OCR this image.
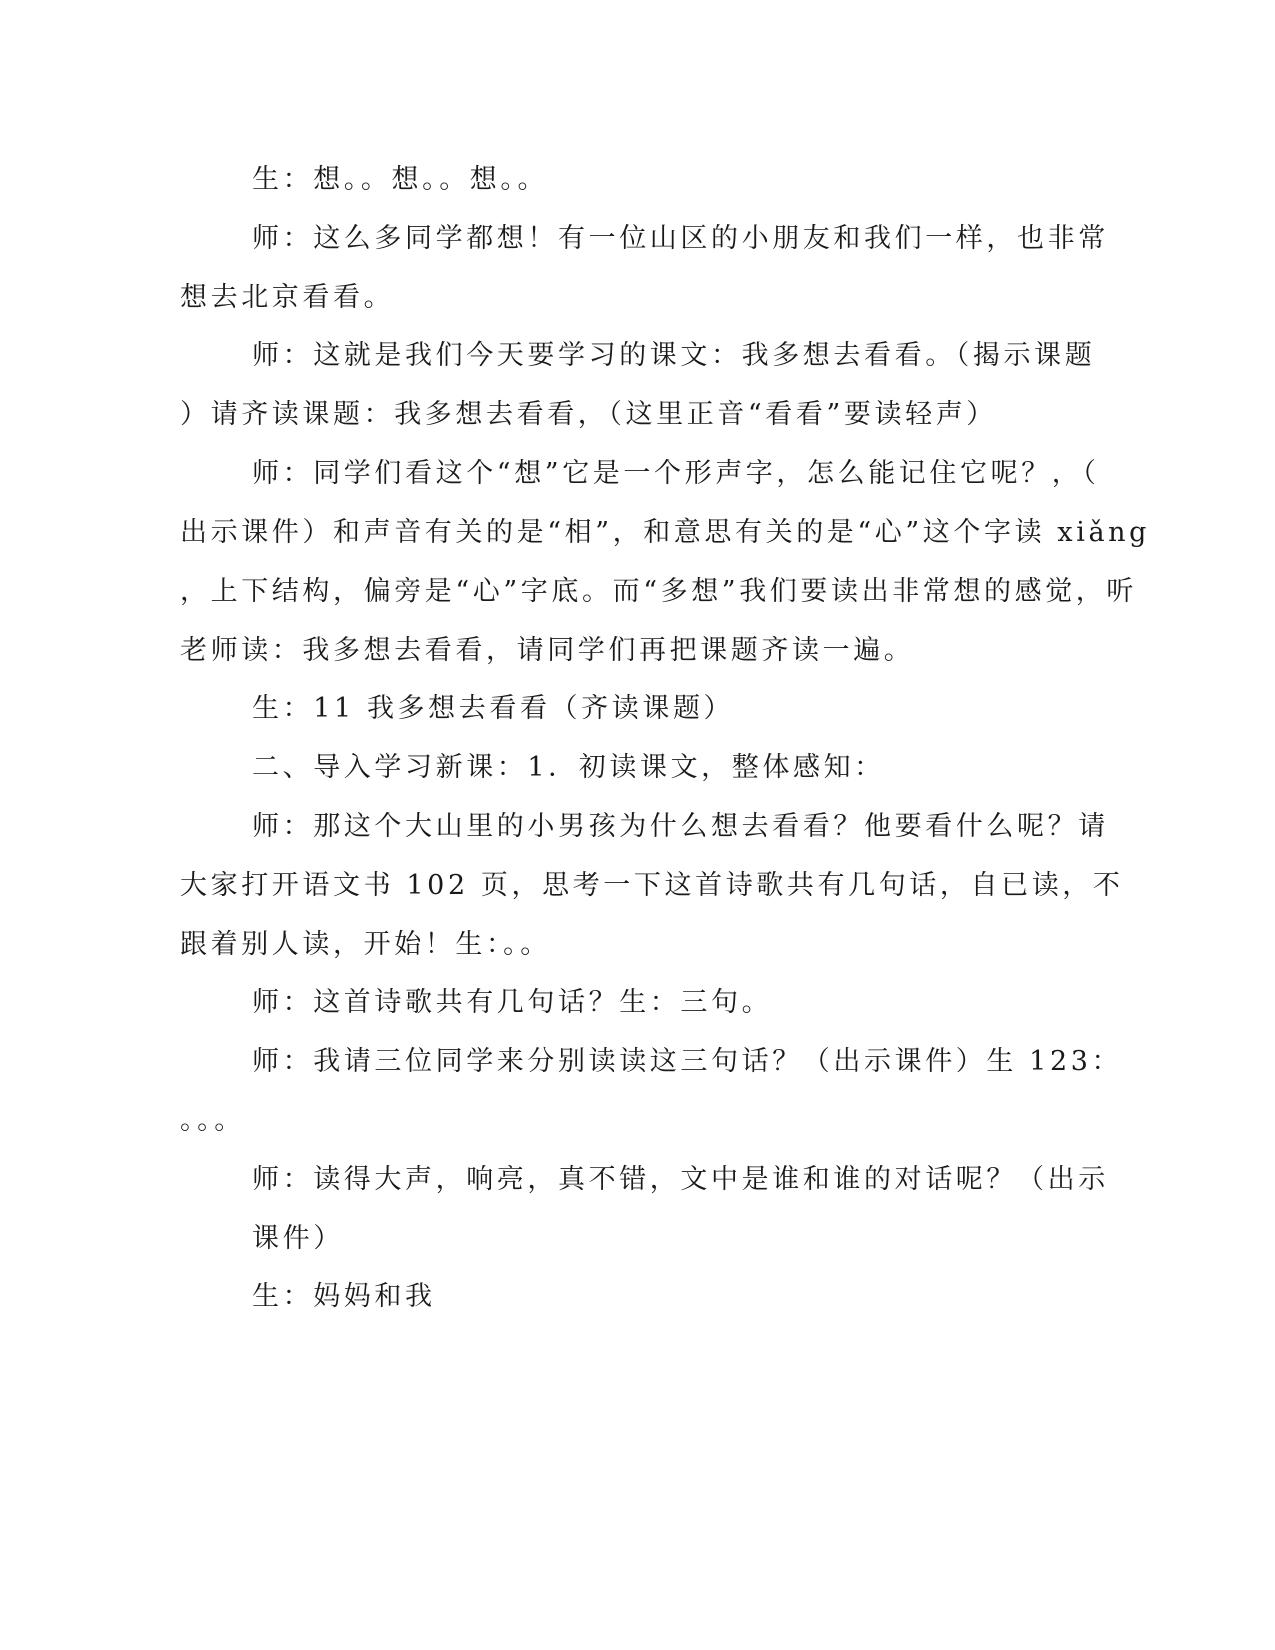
生：想。。想。。想。。
师：这么多同学都想！有一位山区的小朋友和我们一样，也非常
想去北京看看。
师：这就是我们今天要学习的课文：我多想去看看。（揭示课题
）请齐读课题：我多想去看看，（这里正音“看看”要读轻声）
师：同学们看这个“想”它是一个形声字，怎么能记住它呢？，（
出示课件）和声音有关的是“相”，和意思有关的是“心”这个字读 xiǎng
，上下结构，偏旁是“心”字底。而“多想”我们要读出非常想的感觉，听
老师读：我多想去看看，请同学们再把课题齐读一遍。
生：11 我多想去看看（齐读课题）
二、导入学习新课：1．初读课文，整体感知：
师：那这个大山里的小男孩为什么想去看看？他要看什么呢？请
大家打开语文书 102 页，思考一下这首诗歌共有几句话，自已读，不
跟着别人读，开始！生：。。
师：这首诗歌共有几句话？生：三句。
师：我请三位同学来分别读读这三句话？（出示课件）生 123：
。。。
师：读得大声，响亮，真不错，文中是谁和谁的对话呢？（出示
课件）
生：妈妈和我
